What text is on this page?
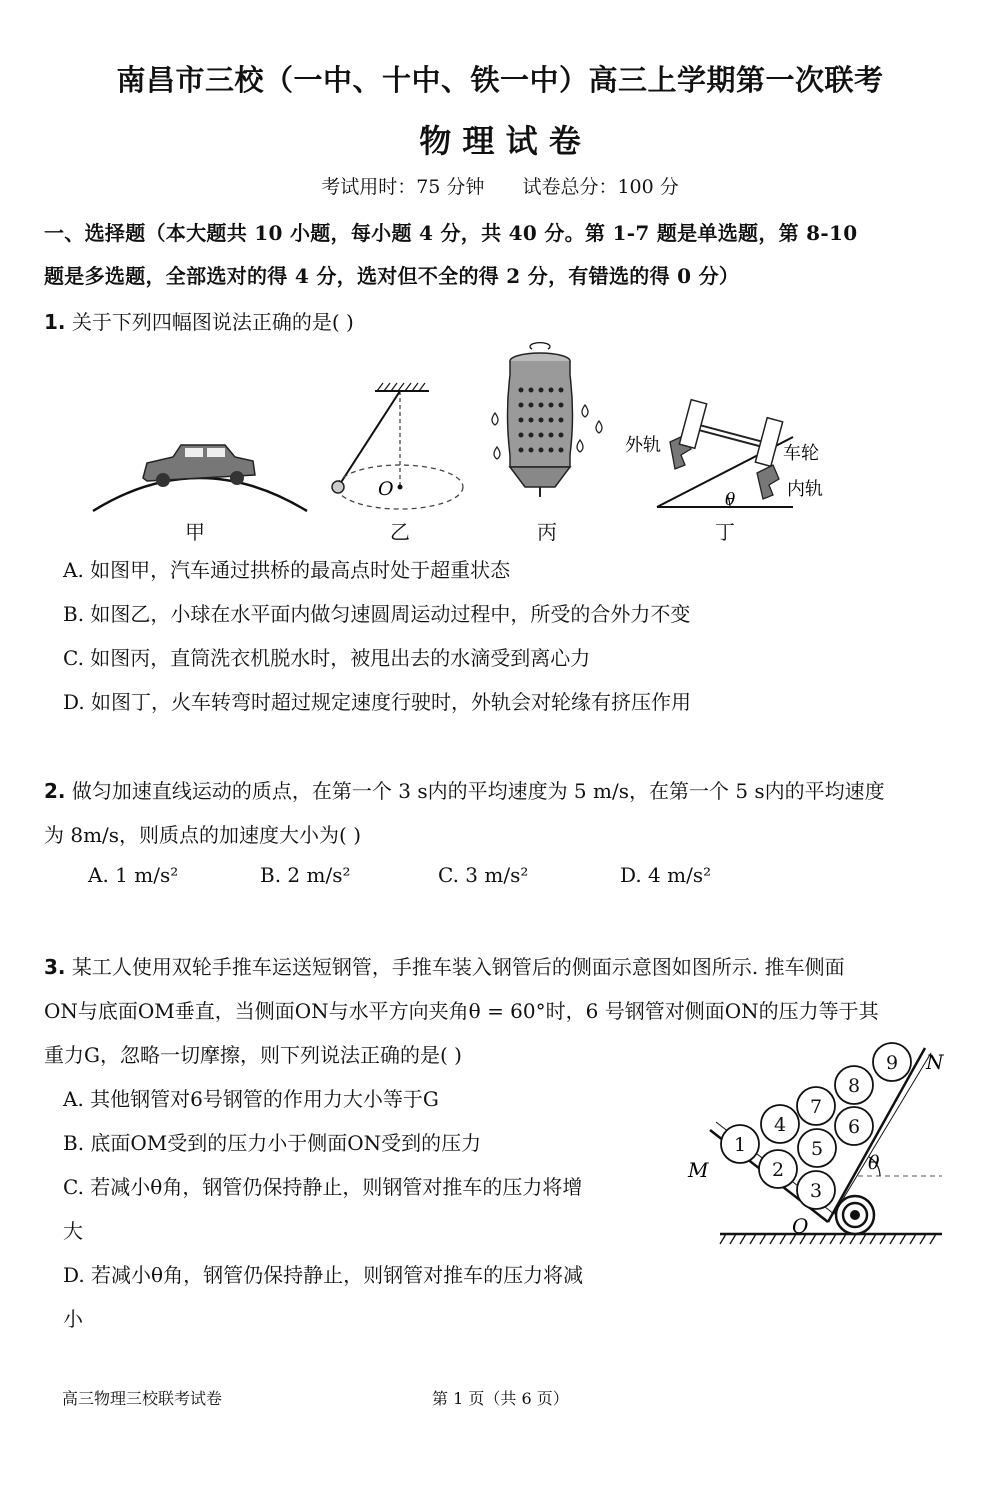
南昌市三校（一中、十中、铁一中）高三上学期第一次联考
物 理 试 卷
考试用时：75 分钟 试卷总分：100 分
一、选择题（本大题共 10 小题，每小题 4 分，共 40 分。第 1-7 题是单选题，第 8-10
题是多选题，全部选对的得 4 分，选对但不全的得 2 分，有错选的得 0 分）
1. 关于下列四幅图说法正确的是( )
O
外轨	车轮
内轨
θ
甲	乙	丙	丁
A. 如图甲，汽车通过拱桥的最高点时处于超重状态
B. 如图乙，小球在水平面内做匀速圆周运动过程中，所受的合外力不变
C. 如图丙，直筒洗衣机脱水时，被甩出去的水滴受到离心力
D. 如图丁，火车转弯时超过规定速度行驶时，外轨会对轮缘有挤压作用
2. 做匀加速直线运动的质点，在第一个 3 s内的平均速度为 5 m/s，在第一个 5 s内的平均速度
为 8m/s，则质点的加速度大小为( )
A. 1 m/s²	B. 2 m/s²	C. 3 m/s²	D. 4 m/s²
3. 某工人使用双轮手推车运送短钢管，手推车装入钢管后的侧面示意图如图所示. 推车侧面
ON与底面OM垂直，当侧面ON与水平方向夹角θ = 60°时，6 号钢管对侧面ON的压力等于其
重力G，忽略一切摩擦，则下列说法正确的是( )
A. 其他钢管对6号钢管的作用力大小等于G
B. 底面OM受到的压力小于侧面ON受到的压力
C. 若减小θ角，钢管仍保持静止，则钢管对推车的压力将增
大
D. 若减小θ角，钢管仍保持静止，则钢管对推车的压力将减
小
1
2
3
4
5
6
7
8
9
M
N
O
θ
高三物理三校联考试卷	第 1 页（共 6 页）
